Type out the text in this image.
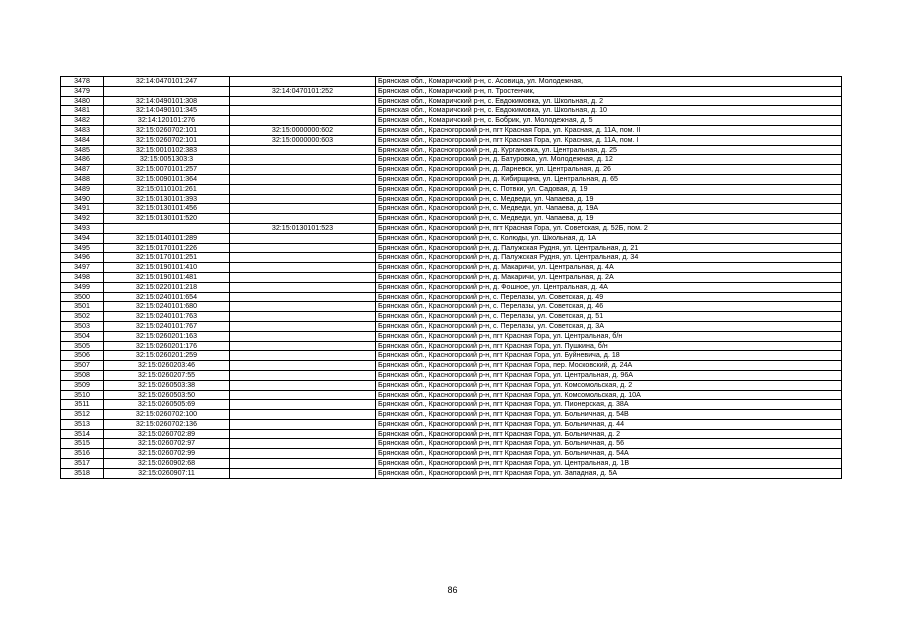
3478	32:14:0470101:247		Брянская обл., Комаричский р-н, с. Асовица, ул. Молодежная,
3479		32:14:0470101:252	Брянская обл., Комаричский р-н, п. Тростенчик,
3480	32:14:0490101:308		Брянская обл., Комаричский р-н, с. Евдокимовка, ул. Школьная, д. 2
3481	32:14:0490101:345		Брянская обл., Комаричский р-н, с. Евдокимовка, ул. Школьная, д. 10
3482	32:14:120101:276		Брянская обл., Комаричский р-н, с. Бобрик, ул. Молодежная, д. 5
3483	32:15:0260702:101	32:15:0000000:602	Брянская обл., Красногорский р-н, пгт Красная Гора, ул. Красная, д. 11А, пом. II
3484	32:15:0260702:101	32:15:0000000:603	Брянская обл., Красногорский р-н, пгт Красная Гора, ул. Красная, д. 11А, пом. I
3485	32:15:0010102:383		Брянская обл., Красногорский р-н, д. Кургановка, ул. Центральная, д. 25
3486	32:15:0051303:3		Брянская обл., Красногорский р-н, д. Батуровка, ул. Молодежная, д. 12
3487	32:15:0070101:257		Брянская обл., Красногорский р-н, д. Ларневск, ул. Центральная, д. 26
3488	32:15:0090101:364		Брянская обл., Красногорский р-н, д. Кибирщина, ул. Центральная, д. 65
3489	32:15:0110101:261		Брянская обл., Красногорский р-н, с. Потвки, ул. Садовая, д. 19
3490	32:15:0130101:393		Брянская обл., Красногорский р-н, с. Медведи, ул. Чапаева, д. 19
3491	32:15:0130101:456		Брянская обл., Красногорский р-н, с. Медведи, ул. Чапаева, д. 19А
3492	32:15:0130101:520		Брянская обл., Красногорский р-н, с. Медведи, ул. Чапаева, д. 19
3493		32:15:0130101:523	Брянская обл., Красногорский р-н, пгт Красная Гора, ул. Советская, д. 52Б, пом. 2
3494	32:15:0140101:289		Брянская обл., Красногорский р-н, с. Колюды, ул. Школьная, д. 1А
3495	32:15:0170101:226		Брянская обл., Красногорский р-н, д. Палужская Рудня, ул. Центральная, д. 21
3496	32:15:0170101:251		Брянская обл., Красногорский р-н, д. Палужская Рудня, ул. Центральная, д. 34
3497	32:15:0190101:410		Брянская обл., Красногорский р-н, д. Макаричи, ул. Центральная, д. 4А
3498	32:15:0190101:481		Брянская обл., Красногорский р-н, д. Макаричи, ул. Центральная, д. 2А
3499	32:15:0220101:218		Брянская обл., Красногорский р-н, д. Фошное, ул. Центральная, д. 4А
3500	32:15:0240101:654		Брянская обл., Красногорский р-н, с. Перелазы, ул. Советская, д. 49
3501	32:15:0240101:680		Брянская обл., Красногорский р-н, с. Перелазы, ул. Советская, д. 46
3502	32:15:0240101:763		Брянская обл., Красногорский р-н, с. Перелазы, ул. Советская, д. 51
3503	32:15:0240101:767		Брянская обл., Красногорский р-н, с. Перелазы, ул. Советская, д. 3А
3504	32:15:0260201:163		Брянская обл., Красногорский р-н, пгт Красная Гора, ул. Центральная, б/н
3505	32:15:0260201:176		Брянская обл., Красногорский р-н, пгт Красная Гора, ул. Пушкина, б/н
3506	32:15:0260201:259		Брянская обл., Красногорский р-н, пгт Красная Гора, ул. Буйневича, д. 18
3507	32:15:0260203:46		Брянская обл., Красногорский р-н, пгт Красная Гора, пер. Московский, д. 24А
3508	32:15:0260207:55		Брянская обл., Красногорский р-н, пгт Красная Гора, ул. Центральная, д. 96А
3509	32:15:0260503:38		Брянская обл., Красногорский р-н, пгт Красная Гора, ул. Комсомольская, д. 2
3510	32:15:0260503:50		Брянская обл., Красногорский р-н, пгт Красная Гора, ул. Комсомольская, д. 10А
3511	32:15:0260505:69		Брянская обл., Красногорский р-н, пгт Красная Гора, ул. Пионерская, д. 38А
3512	32:15:0260702:100		Брянская обл., Красногорский р-н, пгт Красная Гора, ул. Больничная, д. 54В
3513	32:15:0260702:136		Брянская обл., Красногорский р-н, пгт Красная Гора, ул. Больничная, д. 44
3514	32:15:0260702:89		Брянская обл., Красногорский р-н, пгт Красная Гора, ул. Больничная, д. 2
3515	32:15:0260702:97		Брянская обл., Красногорский р-н, пгт Красная Гора, ул. Больничная, д. 56
3516	32:15:0260702:99		Брянская обл., Красногорский р-н, пгт Красная Гора, ул. Больничная, д. 54А
3517	32:15:0260902:68		Брянская обл., Красногорский р-н, пгт Красная Гора, ул. Центральная, д. 1В
3518	32:15:0260907:11		Брянская обл., Красногорский р-н, пгт Красная Гора, ул. Западная, д. 5А
86
